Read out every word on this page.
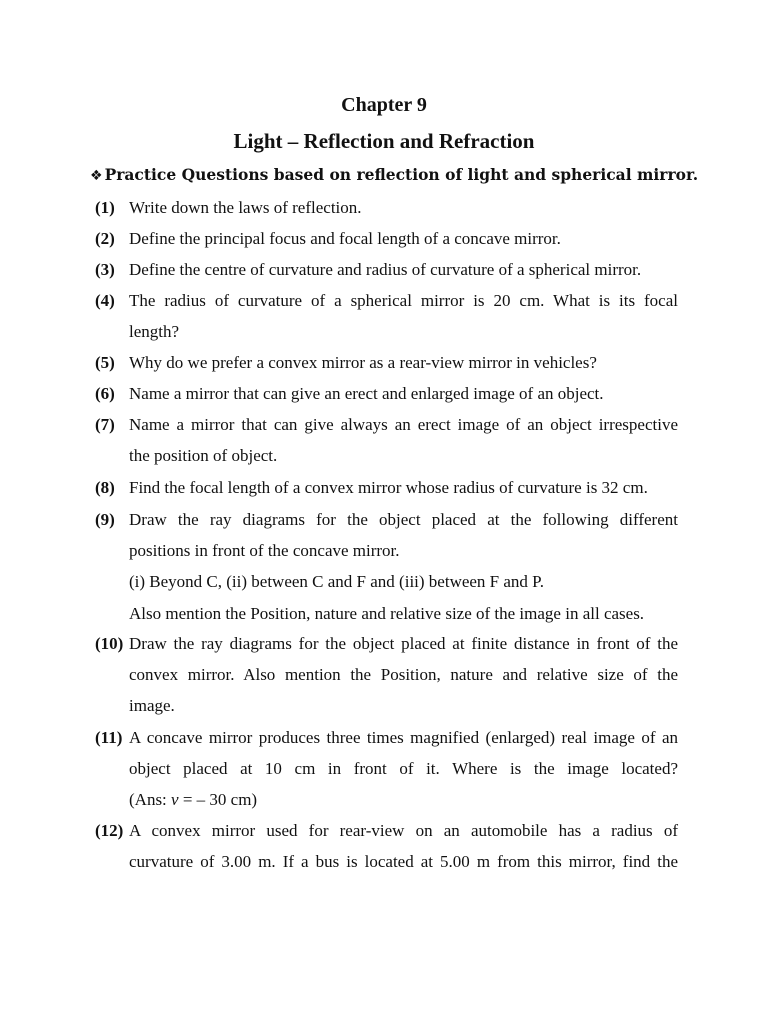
Chapter 9
Light – Reflection and Refraction
❖ Practice Questions based on reflection of light and spherical mirror.
(1) Write down the laws of reflection.
(2) Define the principal focus and focal length of a concave mirror.
(3) Define the centre of curvature and radius of curvature of a spherical mirror.
(4) The radius of curvature of a spherical mirror is 20 cm. What is its focal
length?
(5) Why do we prefer a convex mirror as a rear-view mirror in vehicles?
(6) Name a mirror that can give an erect and enlarged image of an object.
(7) Name a mirror that can give always an erect image of an object irrespective
the position of object.
(8) Find the focal length of a convex mirror whose radius of curvature is 32 cm.
(9) Draw the ray diagrams for the object placed at the following different
positions in front of the concave mirror.
(i) Beyond C, (ii) between C and F and (iii) between F and P.
Also mention the Position, nature and relative size of the image in all cases.
(10) Draw the ray diagrams for the object placed at finite distance in front of the
convex mirror. Also mention the Position, nature and relative size of the
image.
(11) A concave mirror produces three times magnified (enlarged) real image of an
object placed at 10 cm in front of it. Where is the image located?
(Ans: v = – 30 cm)
(12) A convex mirror used for rear-view on an automobile has a radius of
curvature of 3.00 m. If a bus is located at 5.00 m from this mirror, find the
